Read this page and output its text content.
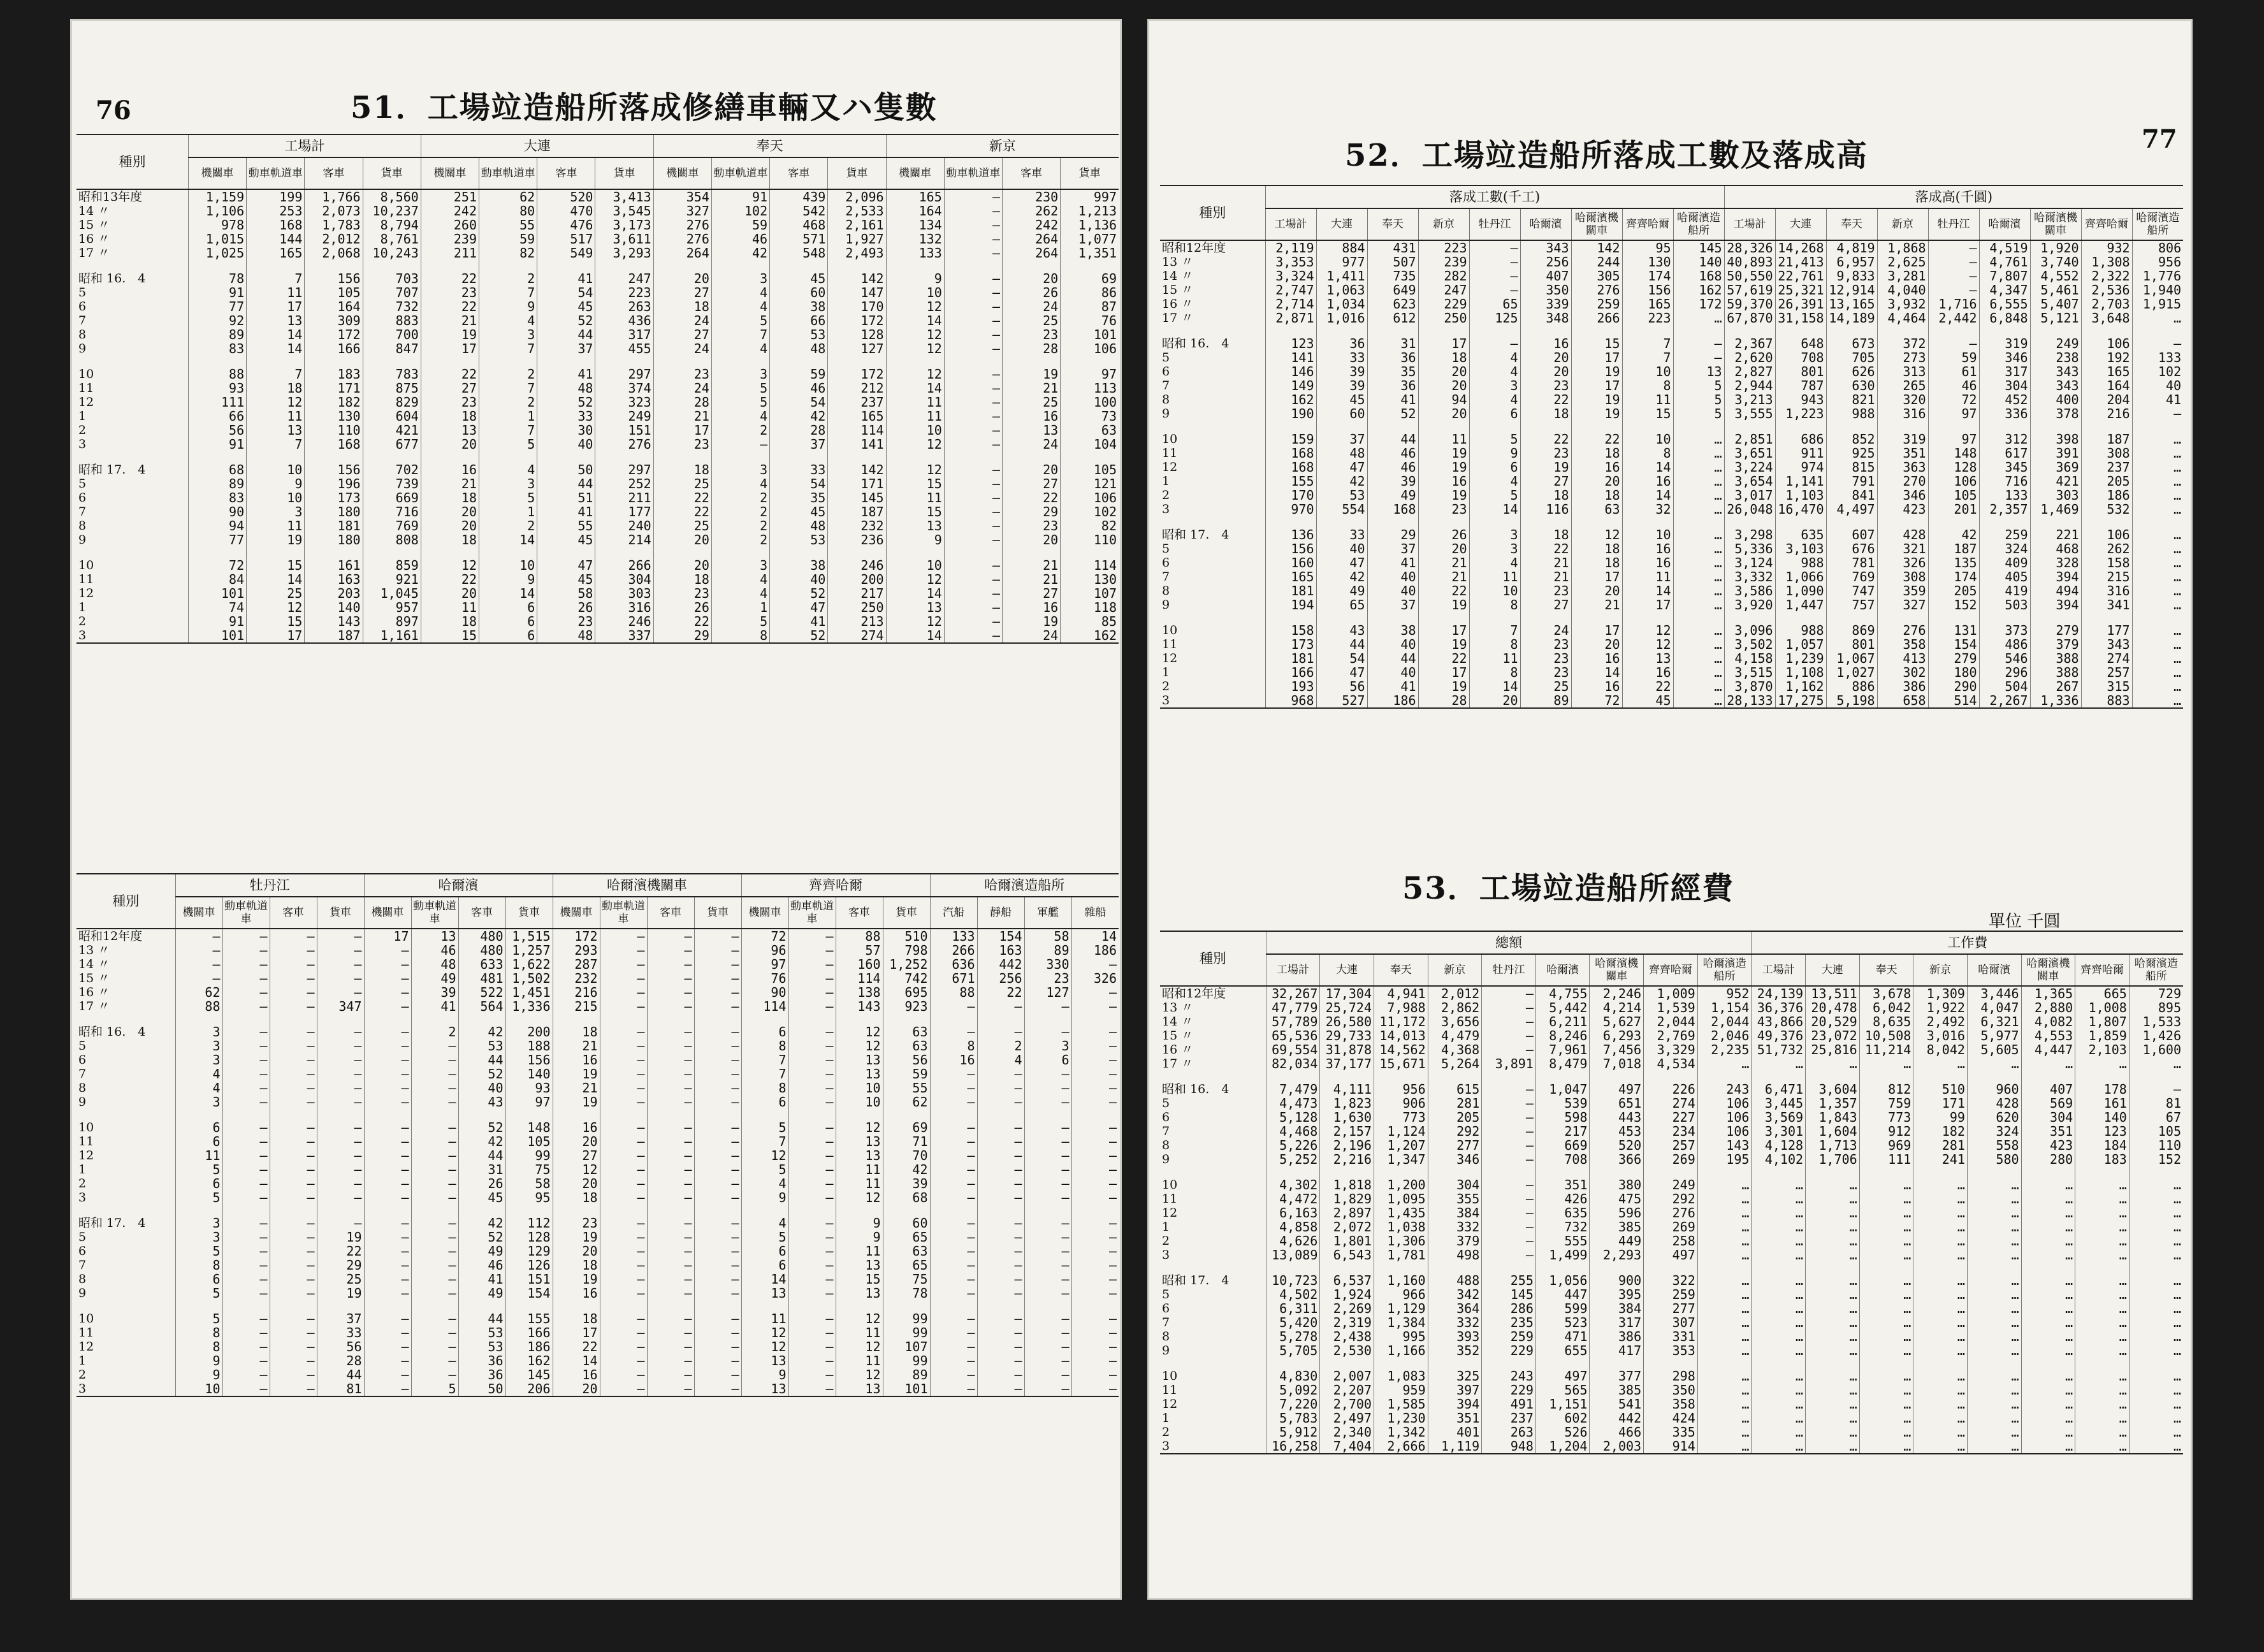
76	51．工場竝造船所落成修繕車輛又ハ隻數
種別	工場計				大連				奉天				新京			
	機關車	動車軌道車	客車	貨車	機關車	動車軌道車	客車	貨車	機關車	動車軌道車	客車	貨車	機關車	動車軌道車	客車	貨車
昭和13年度	1,159	199	1,766	8,560	251	62	520	3,413	354	91	439	2,096	165	—	230	997
14 〃	1,106	253	2,073	10,237	242	80	470	3,545	327	102	542	2,533	164	—	262	1,213
15 〃	978	168	1,783	8,794	260	55	476	3,173	276	59	468	2,161	134	—	242	1,136
16 〃	1,015	144	2,012	8,761	239	59	517	3,611	276	46	571	1,927	132	—	264	1,077
17 〃	1,025	165	2,068	10,243	211	82	549	3,293	264	42	548	2,493	133	—	264	1,351

昭和 16.　4	78	7	156	703	22	2	41	247	20	3	45	142	9	—	20	69
5	91	11	105	707	23	7	54	223	27	4	60	147	10	—	26	86
6	77	17	164	732	22	9	45	263	18	4	38	170	12	—	24	87
7	92	13	309	883	21	4	52	436	24	5	66	172	14	—	25	76
8	89	14	172	700	19	3	44	317	27	7	53	128	12	—	23	101
9	83	14	166	847	17	7	37	455	24	4	48	127	12	—	28	106

10	88	7	183	783	22	2	41	297	23	3	59	172	12	—	19	97
11	93	18	171	875	27	7	48	374	24	5	46	212	14	—	21	113
12	111	12	182	829	23	2	52	323	28	5	54	237	11	—	25	100
1	66	11	130	604	18	1	33	249	21	4	42	165	11	—	16	73
2	56	13	110	421	13	7	30	151	17	2	28	114	10	—	13	63
3	91	7	168	677	20	5	40	276	23	—	37	141	12	—	24	104

昭和 17.　4	68	10	156	702	16	4	50	297	18	3	33	142	12	—	20	105
5	89	9	196	739	21	3	44	252	25	4	54	171	15	—	27	121
6	83	10	173	669	18	5	51	211	22	2	35	145	11	—	22	106
7	90	3	180	716	20	1	41	177	22	2	45	187	15	—	29	102
8	94	11	181	769	20	2	55	240	25	2	48	232	13	—	23	82
9	77	19	180	808	18	14	45	214	20	2	53	236	9	—	20	110

10	72	15	161	859	12	10	47	266	20	3	38	246	10	—	21	114
11	84	14	163	921	22	9	45	304	18	4	40	200	12	—	21	130
12	101	25	203	1,045	20	14	58	303	23	4	52	217	14	—	27	107
1	74	12	140	957	11	6	26	316	26	1	47	250	13	—	16	118
2	91	15	143	897	18	6	23	246	22	5	41	213	12	—	19	85
3	101	17	187	1,161	15	6	48	337	29	8	52	274	14	—	24	162
種別	牡丹江				哈爾濱				哈爾濱機關車				齊齊哈爾				哈爾濱造船所			
	機關車	動車軌道車	客車	貨車	機關車	動車軌道車	客車	貨車	機關車	動車軌道車	客車	貨車	機關車	動車軌道車	客車	貨車	汽船	靜船	軍艦	雜船
昭和12年度	—	—	—	—	17	13	480	1,515	172	—	—	—	72	—	88	510	133	154	58	14
13 〃	—	—	—	—	—	46	480	1,257	293	—	—	—	96	—	57	798	266	163	89	186
14 〃	—	—	—	—	—	48	633	1,622	287	—	—	—	97	—	160	1,252	636	442	330	—
15 〃	—	—	—	—	—	49	481	1,502	232	—	—	—	76	—	114	742	671	256	23	326
16 〃	62	—	—	—	—	39	522	1,451	216	—	—	—	90	—	138	695	88	22	127	—
17 〃	88	—	—	347	—	41	564	1,336	215	—	—	—	114	—	143	923	—	—	—	—

昭和 16.　4	3	—	—	—	—	2	42	200	18	—	—	—	6	—	12	63	—	—	—	—
5	3	—	—	—	—	—	53	188	21	—	—	—	8	—	12	63	8	2	3	—
6	3	—	—	—	—	—	44	156	16	—	—	—	7	—	13	56	16	4	6	—
7	4	—	—	—	—	—	52	140	19	—	—	—	7	—	13	59	—	—	—	—
8	4	—	—	—	—	—	40	93	21	—	—	—	8	—	10	55	—	—	—	—
9	3	—	—	—	—	—	43	97	19	—	—	—	6	—	10	62	—	—	—	—

10	6	—	—	—	—	—	52	148	16	—	—	—	5	—	12	69	—	—	—	—
11	6	—	—	—	—	—	42	105	20	—	—	—	7	—	13	71	—	—	—	—
12	11	—	—	—	—	—	44	99	27	—	—	—	12	—	13	70	—	—	—	—
1	5	—	—	—	—	—	31	75	12	—	—	—	5	—	11	42	—	—	—	—
2	6	—	—	—	—	—	26	58	20	—	—	—	4	—	11	39	—	—	—	—
3	5	—	—	—	—	—	45	95	18	—	—	—	9	—	12	68	—	—	—	—

昭和 17.　4	3	—	—	—	—	—	42	112	23	—	—	—	4	—	9	60	—	—	—	—
5	3	—	—	19	—	—	52	128	19	—	—	—	5	—	9	65	—	—	—	—
6	5	—	—	22	—	—	49	129	20	—	—	—	6	—	11	63	—	—	—	—
7	8	—	—	29	—	—	46	126	18	—	—	—	6	—	13	65	—	—	—	—
8	6	—	—	25	—	—	41	151	19	—	—	—	14	—	15	75	—	—	—	—
9	5	—	—	19	—	—	49	154	16	—	—	—	13	—	13	78	—	—	—	—

10	5	—	—	37	—	—	44	155	18	—	—	—	11	—	12	99	—	—	—	—
11	8	—	—	33	—	—	53	166	17	—	—	—	12	—	11	99	—	—	—	—
12	8	—	—	56	—	—	53	186	22	—	—	—	12	—	12	107	—	—	—	—
1	9	—	—	28	—	—	36	162	14	—	—	—	13	—	11	99	—	—	—	—
2	9	—	—	44	—	—	36	145	16	—	—	—	9	—	12	89	—	—	—	—
3	10	—	—	81	—	5	50	206	20	—	—	—	13	—	13	101	—	—	—	—
77
52．工場竝造船所落成工數及落成高
種別	落成工數(千工)									落成高(千圓)								
	工場計	大連	奉天	新京	牡丹江	哈爾濱	哈爾濱機關車	齊齊哈爾	哈爾濱造船所	工場計	大連	奉天	新京	牡丹江	哈爾濱	哈爾濱機關車	齊齊哈爾	哈爾濱造船所
昭和12年度	2,119	884	431	223	—	343	142	95	145	28,326	14,268	4,819	1,868	—	4,519	1,920	932	806
13 〃	3,353	977	507	239	—	256	244	130	140	40,893	21,413	6,957	2,625	—	4,761	3,740	1,308	956
14 〃	3,324	1,411	735	282	—	407	305	174	168	50,550	22,761	9,833	3,281	—	7,807	4,552	2,322	1,776
15 〃	2,747	1,063	649	247	—	350	276	156	162	57,619	25,321	12,914	4,040	—	4,347	5,461	2,536	1,940
16 〃	2,714	1,034	623	229	65	339	259	165	172	59,370	26,391	13,165	3,932	1,716	6,555	5,407	2,703	1,915
17 〃	2,871	1,016	612	250	125	348	266	223	…	67,870	31,158	14,189	4,464	2,442	6,848	5,121	3,648	…

昭和 16.　4	123	36	31	17	—	16	15	7	—	2,367	648	673	372	—	319	249	106	—
5	141	33	36	18	4	20	17	7	—	2,620	708	705	273	59	346	238	192	133
6	146	39	35	20	4	20	19	10	13	2,827	801	626	313	61	317	343	165	102
7	149	39	36	20	3	23	17	8	5	2,944	787	630	265	46	304	343	164	40
8	162	45	41	94	4	22	19	11	5	3,213	943	821	320	72	452	400	204	41
9	190	60	52	20	6	18	19	15	5	3,555	1,223	988	316	97	336	378	216	—

10	159	37	44	11	5	22	22	10	…	2,851	686	852	319	97	312	398	187	…
11	168	48	46	19	9	23	18	8	…	3,651	911	925	351	148	617	391	308	…
12	168	47	46	19	6	19	16	14	…	3,224	974	815	363	128	345	369	237	…
1	155	42	39	16	4	27	20	16	…	3,654	1,141	791	270	106	716	421	205	…
2	170	53	49	19	5	18	18	14	…	3,017	1,103	841	346	105	133	303	186	…
3	970	554	168	23	14	116	63	32	…	26,048	16,470	4,497	423	201	2,357	1,469	532	…

昭和 17.　4	136	33	29	26	3	18	12	10	…	3,298	635	607	428	42	259	221	106	…
5	156	40	37	20	3	22	18	16	…	5,336	3,103	676	321	187	324	468	262	…
6	160	47	41	21	4	21	18	16	…	3,124	988	781	326	135	409	328	158	…
7	165	42	40	21	11	21	17	11	…	3,332	1,066	769	308	174	405	394	215	…
8	181	49	40	22	10	23	20	14	…	3,586	1,090	747	359	205	419	494	316	…
9	194	65	37	19	8	27	21	17	…	3,920	1,447	757	327	152	503	394	341	…

10	158	43	38	17	7	24	17	12	…	3,096	988	869	276	131	373	279	177	…
11	173	44	40	19	8	23	20	12	…	3,502	1,057	801	358	154	486	379	343	…
12	181	54	44	22	11	23	16	13	…	4,158	1,239	1,067	413	279	546	388	274	…
1	166	47	40	17	8	23	14	16	…	3,515	1,108	1,027	302	180	296	388	257	…
2	193	56	41	19	14	25	16	22	…	3,870	1,162	886	386	290	504	267	315	…
3	968	527	186	28	20	89	72	45	…	28,133	17,275	5,198	658	514	2,267	1,336	883	…
53．工場竝造船所經費
單位 千圓
種別	總額									工作費							
	工場計	大連	奉天	新京	牡丹江	哈爾濱	哈爾濱機關車	齊齊哈爾	哈爾濱造船所	工場計	大連	奉天	新京	哈爾濱	哈爾濱機關車	齊齊哈爾	哈爾濱造船所
昭和12年度	32,267	17,304	4,941	2,012	—	4,755	2,246	1,009	952	24,139	13,511	3,678	1,309	3,446	1,365	665	729
13 〃	47,779	25,724	7,988	2,862	—	5,442	4,214	1,539	1,154	36,376	20,478	6,042	1,922	4,047	2,880	1,008	895
14 〃	57,789	26,580	11,172	3,656	—	6,211	5,627	2,044	2,044	43,866	20,529	8,635	2,492	6,321	4,082	1,807	1,533
15 〃	65,536	29,733	14,013	4,479	—	8,246	6,293	2,769	2,046	49,376	23,072	10,508	3,016	5,977	4,553	1,859	1,426
16 〃	69,554	31,878	14,562	4,368	—	7,961	7,456	3,329	2,235	51,732	25,816	11,214	8,042	5,605	4,447	2,103	1,600
17 〃	82,034	37,177	15,671	5,264	3,891	8,479	7,018	4,534	…	…	…	…	…	…	…	…	…

昭和 16.　4	7,479	4,111	956	615	—	1,047	497	226	243	6,471	3,604	812	510	960	407	178	—
5	4,473	1,823	906	281	—	539	651	274	106	3,445	1,357	759	171	428	569	161	81
6	5,128	1,630	773	205	—	598	443	227	106	3,569	1,843	773	99	620	304	140	67
7	4,468	2,157	1,124	292	—	217	453	234	106	3,301	1,604	912	182	324	351	123	105
8	5,226	2,196	1,207	277	—	669	520	257	143	4,128	1,713	969	281	558	423	184	110
9	5,252	2,216	1,347	346	—	708	366	269	195	4,102	1,706	111	241	580	280	183	152

10	4,302	1,818	1,200	304	—	351	380	249	…	…	…	…	…	…	…	…	…
11	4,472	1,829	1,095	355	—	426	475	292	…	…	…	…	…	…	…	…	…
12	6,163	2,897	1,435	384	—	635	596	276	…	…	…	…	…	…	…	…	…
1	4,858	2,072	1,038	332	—	732	385	269	…	…	…	…	…	…	…	…	…
2	4,626	1,801	1,306	379	—	555	449	258	…	…	…	…	…	…	…	…	…
3	13,089	6,543	1,781	498	—	1,499	2,293	497	…	…	…	…	…	…	…	…	…

昭和 17.　4	10,723	6,537	1,160	488	255	1,056	900	322	…	…	…	…	…	…	…	…	…
5	4,502	1,924	966	342	145	447	395	259	…	…	…	…	…	…	…	…	…
6	6,311	2,269	1,129	364	286	599	384	277	…	…	…	…	…	…	…	…	…
7	5,420	2,319	1,384	332	235	523	317	307	…	…	…	…	…	…	…	…	…
8	5,278	2,438	995	393	259	471	386	331	…	…	…	…	…	…	…	…	…
9	5,705	2,530	1,166	352	229	655	417	353	…	…	…	…	…	…	…	…	…

10	4,830	2,007	1,083	325	243	497	377	298	…	…	…	…	…	…	…	…	…
11	5,092	2,207	959	397	229	565	385	350	…	…	…	…	…	…	…	…	…
12	7,220	2,700	1,585	394	491	1,151	541	358	…	…	…	…	…	…	…	…	…
1	5,783	2,497	1,230	351	237	602	442	424	…	…	…	…	…	…	…	…	…
2	5,912	2,340	1,342	401	263	526	466	335	…	…	…	…	…	…	…	…	…
3	16,258	7,404	2,666	1,119	948	1,204	2,003	914	…	…	…	…	…	…	…	…	…
